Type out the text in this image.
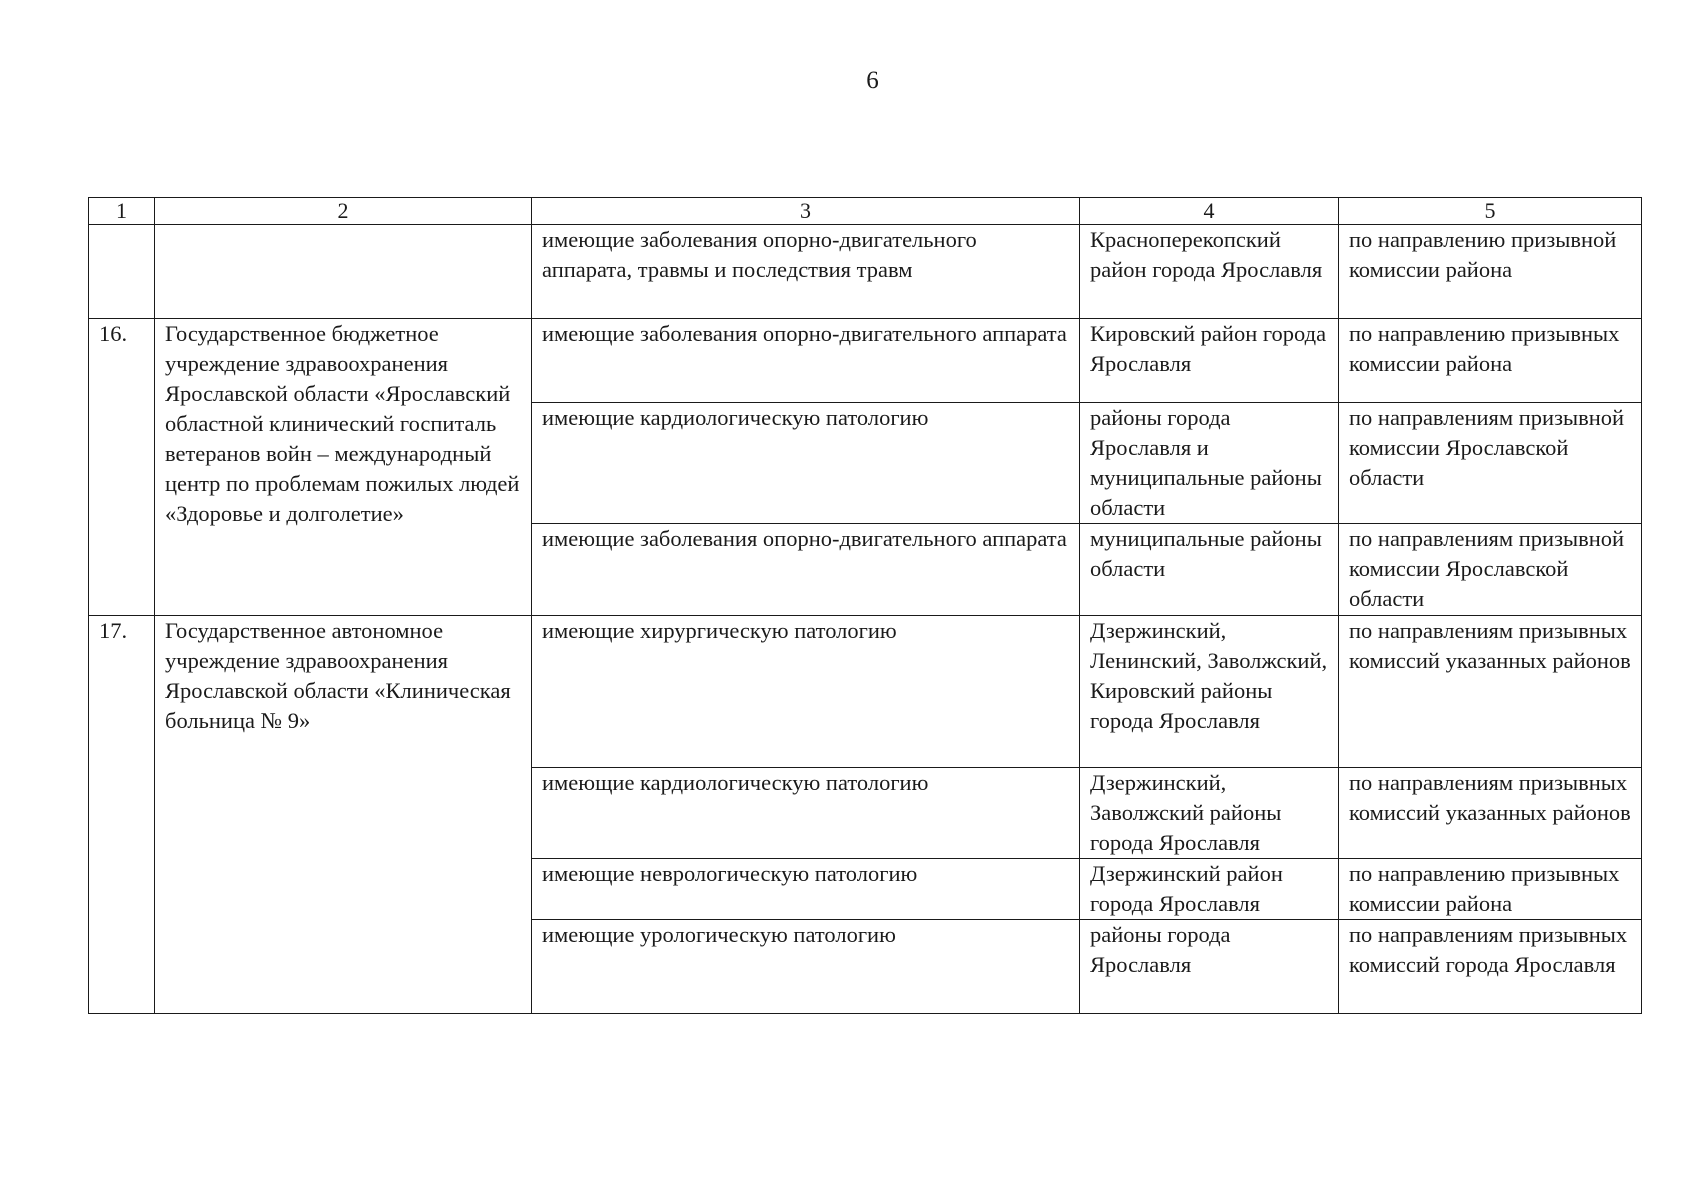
6
1	2	3	4	5
		имеющие заболевания опорно-двигательного аппарата, травмы и последствия травм	Красноперекопский район города Ярославля	по направлению призывной комиссии района
16.	Государственное бюджетное учреждение здравоохранения Ярославской области «Ярославский областной клинический госпиталь ветеранов войн – международный центр по проблемам пожилых людей «Здоровье и долголетие»	имеющие заболевания опорно-двигательного аппарата	Кировский район города Ярославля	по направлению призывных комиссии района
		имеющие кардиологическую патологию	районы города Ярославля и муниципальные районы области	по направлениям призывной комиссии Ярославской области
		имеющие заболевания опорно-двигательного аппарата	муниципальные районы области	по направлениям призывной комиссии Ярославской области
17.	Государственное автономное учреждение здравоохранения Ярославской области «Клиническая больница № 9»	имеющие хирургическую патологию	Дзержинский, Ленинский, Заволжский, Кировский районы города Ярославля	по направлениям призывных комиссий указанных районов
		имеющие кардиологическую патологию	Дзержинский, Заволжский районы города Ярославля	по направлениям призывных комиссий указанных районов
		имеющие неврологическую патологию	Дзержинский район города Ярославля	по направлению призывных комиссии района
		имеющие урологическую патологию	районы города Ярославля	по направлениям призывных комиссий города Ярославля
